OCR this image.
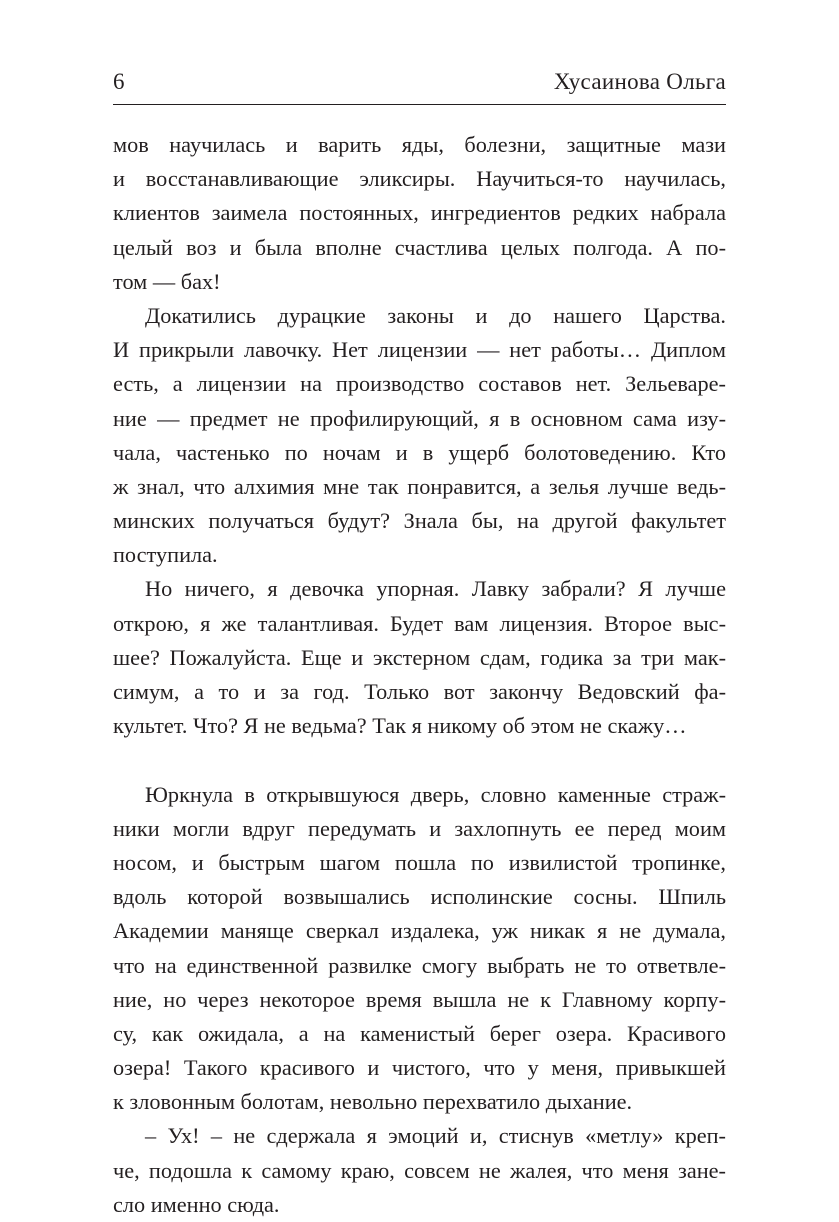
6	Хусаинова Ольга

мов научилась и варить яды, болезни, защитные мази
и восстанавливающие эликсиры. Научиться-то научилась,
клиентов заимела постоянных, ингредиентов редких набрала
целый воз и была вполне счастлива целых полгода. А по-
том — бах!

Докатились дурацкие законы и до нашего Царства.
И прикрыли лавочку. Нет лицензии — нет работы… Диплом
есть, а лицензии на производство составов нет. Зельеваре-
ние — предмет не профилирующий, я в основном сама изу-
чала, частенько по ночам и в ущерб болотоведению. Кто
ж знал, что алхимия мне так понравится, а зелья лучше ведь-
минских получаться будут? Знала бы, на другой факультет
поступила.

Но ничего, я девочка упорная. Лавку забрали? Я лучше
открою, я же талантливая. Будет вам лицензия. Второе выс-
шее? Пожалуйста. Еще и экстерном сдам, годика за три мак-
симум, а то и за год. Только вот закончу Ведовский фа-
культет. Что? Я не ведьма? Так я никому об этом не скажу…

Юркнула в открывшуюся дверь, словно каменные страж-
ники могли вдруг передумать и захлопнуть ее перед моим
носом, и быстрым шагом пошла по извилистой тропинке,
вдоль которой возвышались исполинские сосны. Шпиль
Академии маняще сверкал издалека, уж никак я не думала,
что на единственной развилке смогу выбрать не то ответвле-
ние, но через некоторое время вышла не к Главному корпу-
су, как ожидала, а на каменистый берег озера. Красивого
озера! Такого красивого и чистого, что у меня, привыкшей
к зловонным болотам, невольно перехватило дыхание.

– Ух! – не сдержала я эмоций и, стиснув «метлу» креп-
че, подошла к самому краю, совсем не жалея, что меня зане-
сло именно сюда.
